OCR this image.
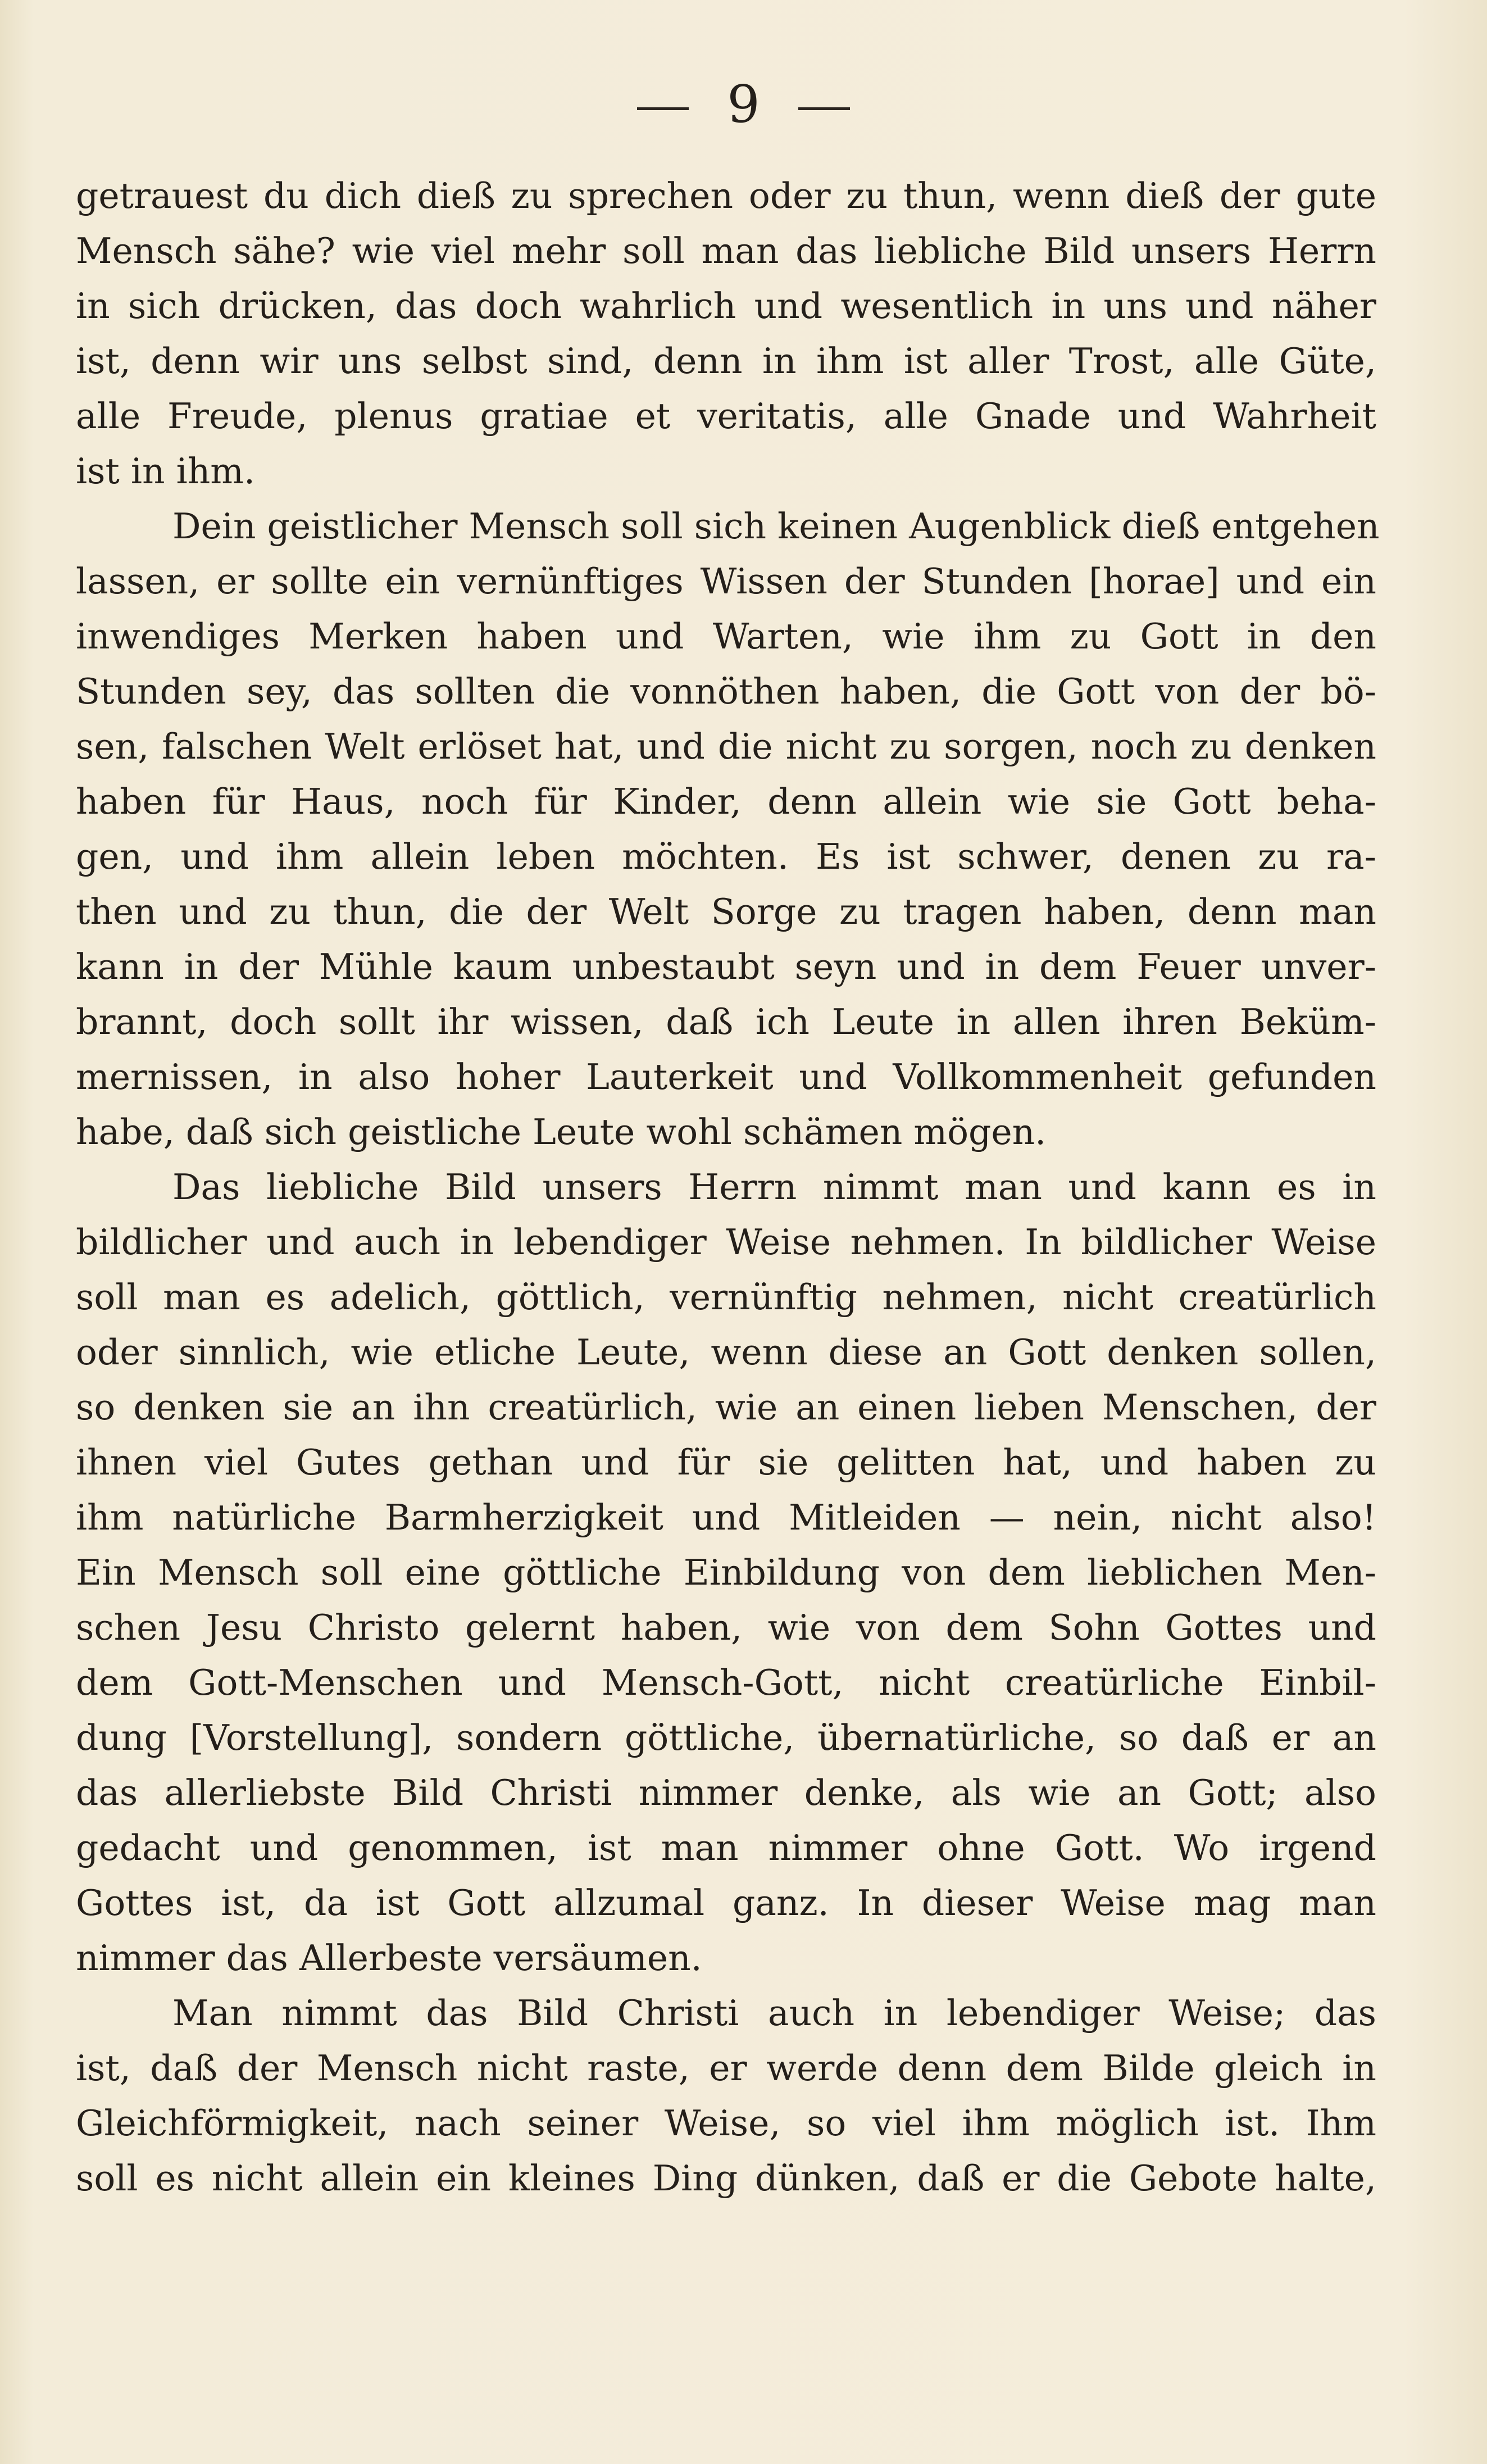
9
getrauest du dich dieß zu sprechen oder zu thun, wenn dieß der gute
Mensch sähe? wie viel mehr soll man das liebliche Bild unsers Herrn
in sich drücken, das doch wahrlich und wesentlich in uns und näher
ist, denn wir uns selbst sind, denn in ihm ist aller Trost, alle Güte,
alle Freude, plenus gratiae et veritatis, alle Gnade und Wahrheit
ist in ihm.
Dein geistlicher Mensch soll sich keinen Augenblick dieß entgehen
lassen, er sollte ein vernünftiges Wissen der Stunden [horae] und ein
inwendiges Merken haben und Warten, wie ihm zu Gott in den
Stunden sey, das sollten die vonnöthen haben, die Gott von der bö-
sen, falschen Welt erlöset hat, und die nicht zu sorgen, noch zu denken
haben für Haus, noch für Kinder, denn allein wie sie Gott beha-
gen, und ihm allein leben möchten. Es ist schwer, denen zu ra-
then und zu thun, die der Welt Sorge zu tragen haben, denn man
kann in der Mühle kaum unbestaubt seyn und in dem Feuer unver-
brannt, doch sollt ihr wissen, daß ich Leute in allen ihren Beküm-
mernissen, in also hoher Lauterkeit und Vollkommenheit gefunden
habe, daß sich geistliche Leute wohl schämen mögen.
Das liebliche Bild unsers Herrn nimmt man und kann es in
bildlicher und auch in lebendiger Weise nehmen. In bildlicher Weise
soll man es adelich, göttlich, vernünftig nehmen, nicht creatürlich
oder sinnlich, wie etliche Leute, wenn diese an Gott denken sollen,
so denken sie an ihn creatürlich, wie an einen lieben Menschen, der
ihnen viel Gutes gethan und für sie gelitten hat, und haben zu
ihm natürliche Barmherzigkeit und Mitleiden — nein, nicht also!
Ein Mensch soll eine göttliche Einbildung von dem lieblichen Men-
schen Jesu Christo gelernt haben, wie von dem Sohn Gottes und
dem Gott-Menschen und Mensch-Gott, nicht creatürliche Einbil-
dung [Vorstellung], sondern göttliche, übernatürliche, so daß er an
das allerliebste Bild Christi nimmer denke, als wie an Gott; also
gedacht und genommen, ist man nimmer ohne Gott. Wo irgend
Gottes ist, da ist Gott allzumal ganz. In dieser Weise mag man
nimmer das Allerbeste versäumen.
Man nimmt das Bild Christi auch in lebendiger Weise; das
ist, daß der Mensch nicht raste, er werde denn dem Bilde gleich in
Gleichförmigkeit, nach seiner Weise, so viel ihm möglich ist. Ihm
soll es nicht allein ein kleines Ding dünken, daß er die Gebote halte,
